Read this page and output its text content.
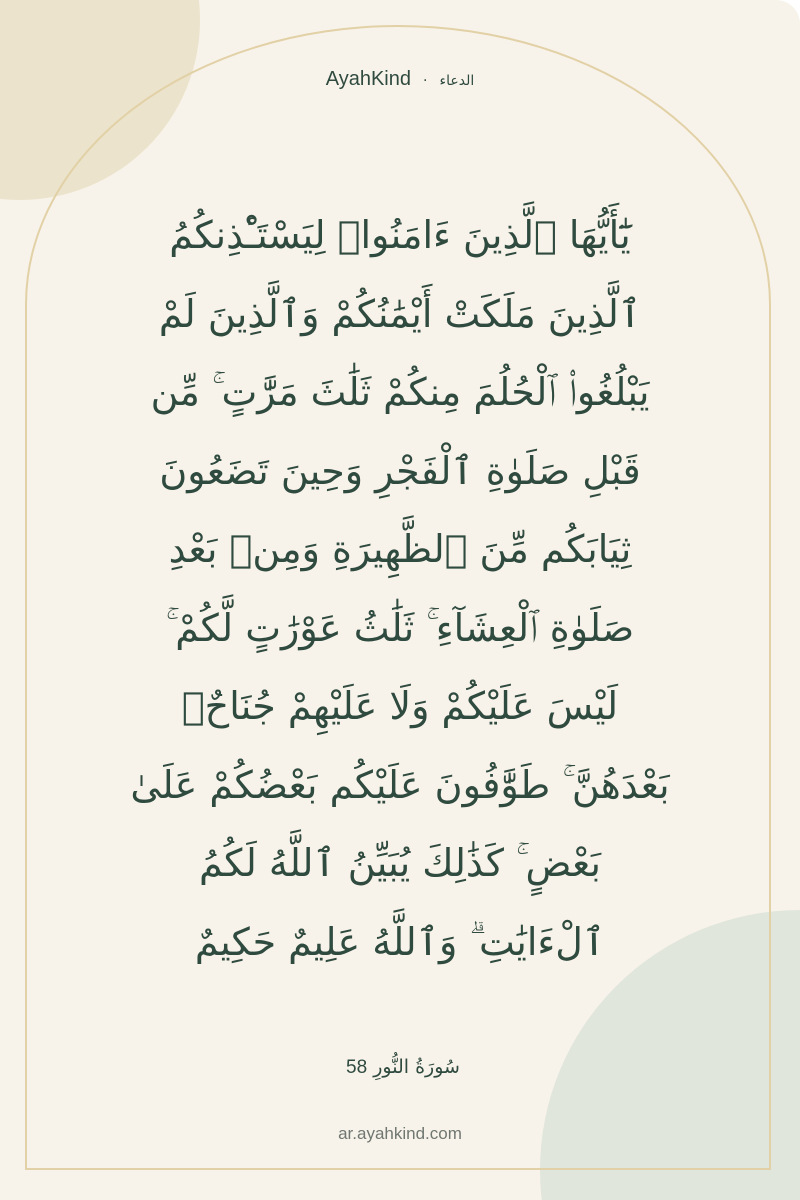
AyahKind · الدعاء
يَٰٓأَيُّهَا ٱلَّذِينَ ءَامَنُوا۟ لِيَسْتَـْٔذِنكُمُ
ٱلَّذِينَ مَلَكَتْ أَيْمَٰنُكُمْ وَٱلَّذِينَ لَمْ
يَبْلُغُوا۟ ٱلْحُلُمَ مِنكُمْ ثَلَٰثَ مَرَّٰتٍ ۚ مِّن
قَبْلِ صَلَوٰةِ ٱلْفَجْرِ وَحِينَ تَضَعُونَ
ثِيَابَكُم مِّنَ ٱلظَّهِيرَةِ وَمِنۢ بَعْدِ
صَلَوٰةِ ٱلْعِشَآءِ ۚ ثَلَٰثُ عَوْرَٰتٍ لَّكُمْ ۚ
لَيْسَ عَلَيْكُمْ وَلَا عَلَيْهِمْ جُنَاحٌۢ
بَعْدَهُنَّ ۚ طَوَّٰفُونَ عَلَيْكُم بَعْضُكُمْ عَلَىٰ
بَعْضٍ ۚ كَذَٰلِكَ يُبَيِّنُ ٱللَّهُ لَكُمُ
ٱلْءَايَٰتِ ۗ وَٱللَّهُ عَلِيمٌ حَكِيمٌ
58 سُورَةُ النُّورِ
ar.ayahkind.com
